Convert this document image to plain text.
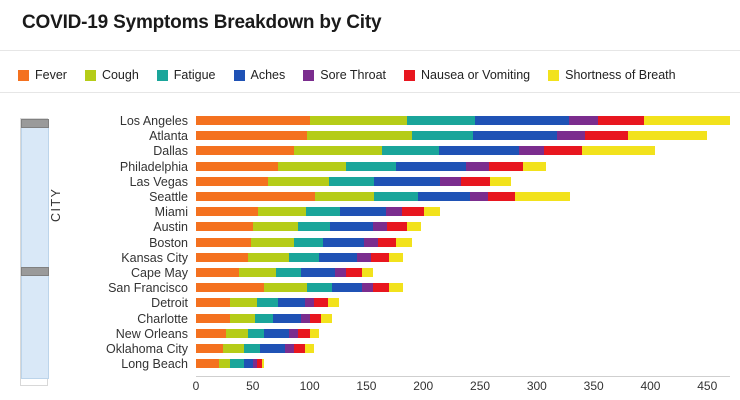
COVID-19 Symptoms Breakdown by City
Fever	Cough	Fatigue	Aches	Sore Throat	Nausea or Vomiting	Shortness of Breath
CITY
Los Angeles
Atlanta
Dallas
Philadelphia
Las Vegas
Seattle
Miami
Austin
Boston
Kansas City
Cape May
San Francisco
Detroit
Charlotte
New Orleans
Oklahoma City
Long Beach
0	50	100	150	200	250	300	350	400	450
